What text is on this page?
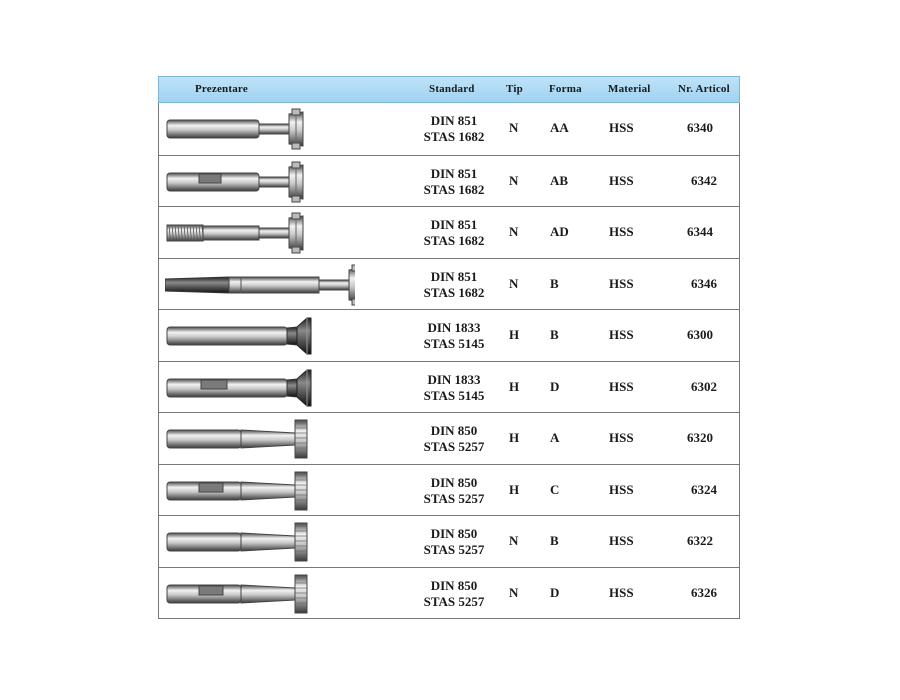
Prezentare	Standard	Tip Forma Material Nr. Articol
DIN 851
STAS 1682
N AA	HSS	6340
DIN 851
STAS 1682
N AB	HSS	6342
DIN 851
STAS 1682
N AD	HSS	6344
DIN 851
STAS 1682
N B	HSS	6346
DIN 1833
STAS 5145
H B	HSS	6300
DIN 1833
STAS 5145
H D	HSS	6302
DIN 850
STAS 5257
H A	HSS	6320
DIN 850
STAS 5257
H C	HSS	6324
DIN 850
STAS 5257
N B	HSS	6322
DIN 850
STAS 5257
N D	HSS	6326
